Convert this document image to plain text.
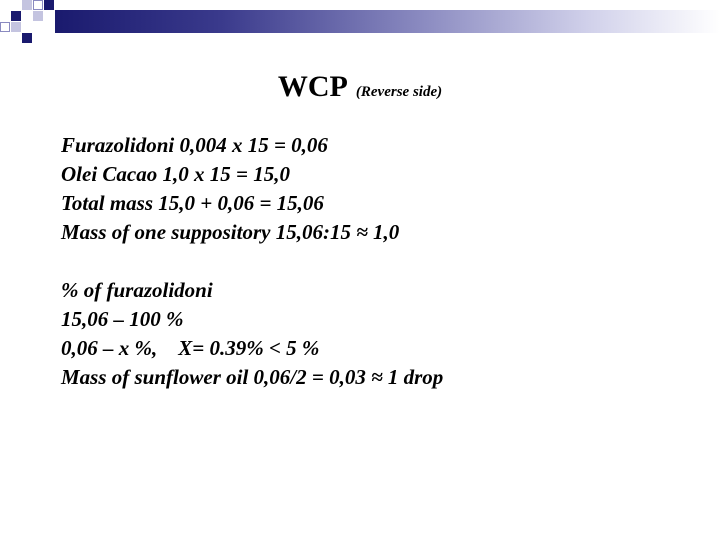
WCP (Reverse side)
Furazolidoni 0,004 x 15 = 0,06
Olei Cacao 1,0 x 15 = 15,0
Total mass 15,0 + 0,06 = 15,06
Mass of one suppository 15,06:15 ≈ 1,0
% of furazolidoni
15,06 – 100 %
0,06 – x %,    X= 0.39% < 5 %
Mass of sunflower oil 0,06/2 = 0,03 ≈ 1 drop
